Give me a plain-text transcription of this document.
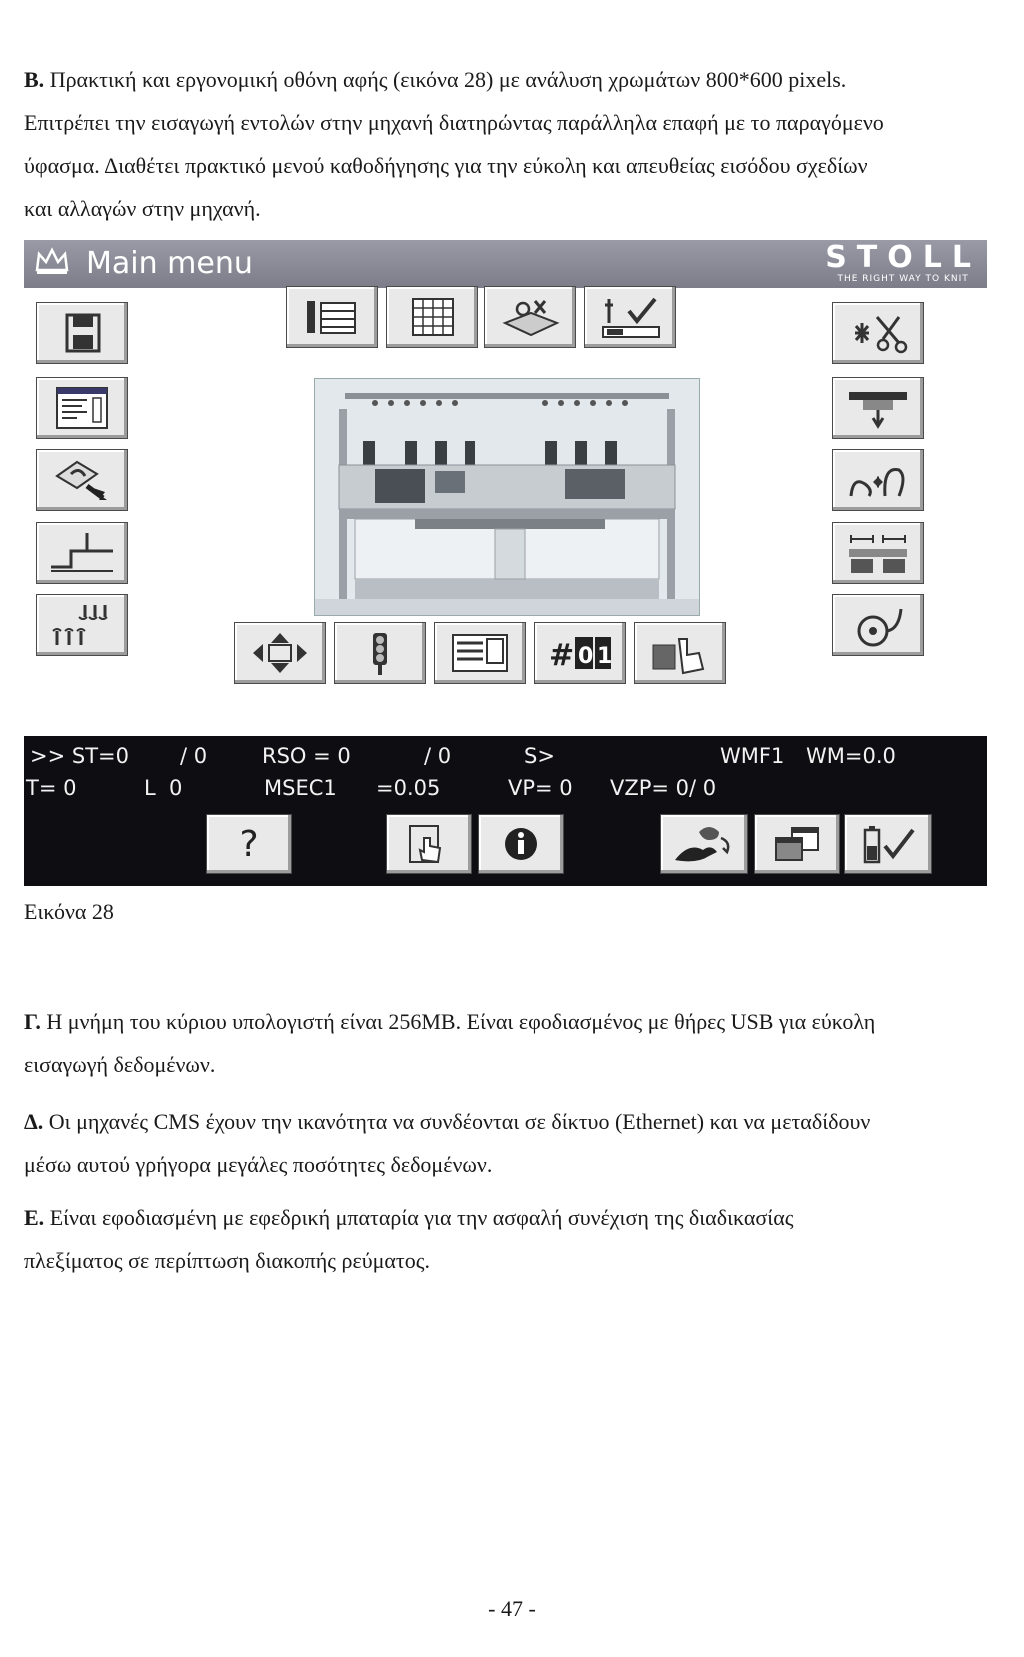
Β. Πρακτική και εργονομική οθόνη αφής (εικόνα 28) με ανάλυση χρωμάτων 800*600 pixels. Επιτρέπει την εισαγωγή εντολών στην μηχανή διατηρώντας παράλληλα επαφή με το παραγόμενο ύφασμα. Διαθέτει πρακτικό μενού καθοδήγησης για την εύκολη και απευθείας εισόδου σχεδίων και αλλαγών στην μηχανή.

Main menu	STOLL
THE RIGHT WAY TO KNIT
# 0 1
>> ST=0 / 0	RSO = 0	/ 0	S>	WMF1 WM=0.0
T= 0	L  0	MSEC1 =0.05	VP= 0 VZP= 0/ 0
?

Εικόνα 28

Γ. Η μνήμη του κύριου υπολογιστή είναι 256MB. Είναι εφοδιασμένος με θήρες USB για εύκολη εισαγωγή δεδομένων.

Δ. Οι μηχανές CMS έχουν την ικανότητα να συνδέονται σε δίκτυο (Ethernet) και να μεταδίδουν μέσω αυτού γρήγορα μεγάλες ποσότητες δεδομένων.

Ε. Είναι εφοδιασμένη με εφεδρική μπαταρία για την ασφαλή συνέχιση της διαδικασίας πλεξίματος σε περίπτωση διακοπής ρεύματος.

- 47 -
